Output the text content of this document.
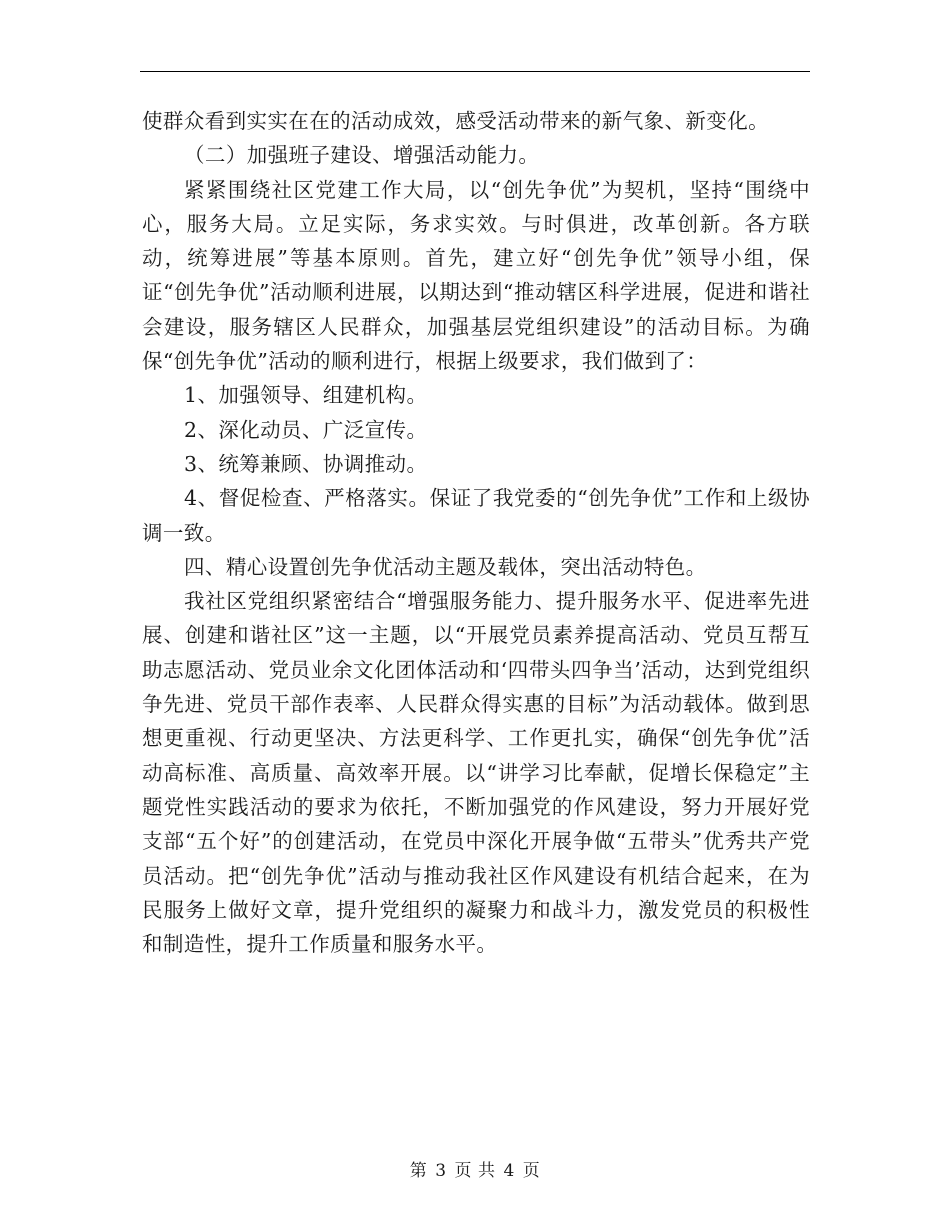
使群众看到实实在在的活动成效，感受活动带来的新气象、新变化。

（二）加强班子建设、增强活动能力。

紧紧围绕社区党建工作大局，以“创先争优”为契机，坚持“围绕中心，服务大局。立足实际，务求实效。与时俱进，改革创新。各方联动，统筹进展”等基本原则。首先，建立好“创先争优”领导小组，保证“创先争优”活动顺利进展，以期达到“推动辖区科学进展，促进和谐社会建设，服务辖区人民群众，加强基层党组织建设”的活动目标。为确保“创先争优”活动的顺利进行，根据上级要求，我们做到了：

1、加强领导、组建机构。

2、深化动员、广泛宣传。

3、统筹兼顾、协调推动。

4、督促检查、严格落实。保证了我党委的“创先争优”工作和上级协调一致。

四、精心设置创先争优活动主题及载体，突出活动特色。

我社区党组织紧密结合“增强服务能力、提升服务水平、促进率先进展、创建和谐社区”这一主题，以“开展党员素养提高活动、党员互帮互助志愿活动、党员业余文化团体活动和‘四带头四争当’活动，达到党组织争先进、党员干部作表率、人民群众得实惠的目标”为活动载体。做到思想更重视、行动更坚决、方法更科学、工作更扎实，确保“创先争优”活动高标准、高质量、高效率开展。以“讲学习比奉献，促增长保稳定”主题党性实践活动的要求为依托，不断加强党的作风建设，努力开展好党支部“五个好”的创建活动，在党员中深化开展争做“五带头”优秀共产党员活动。把“创先争优”活动与推动我社区作风建设有机结合起来，在为民服务上做好文章，提升党组织的凝聚力和战斗力，激发党员的积极性和制造性，提升工作质量和服务水平。

第 3 页 共 4 页
